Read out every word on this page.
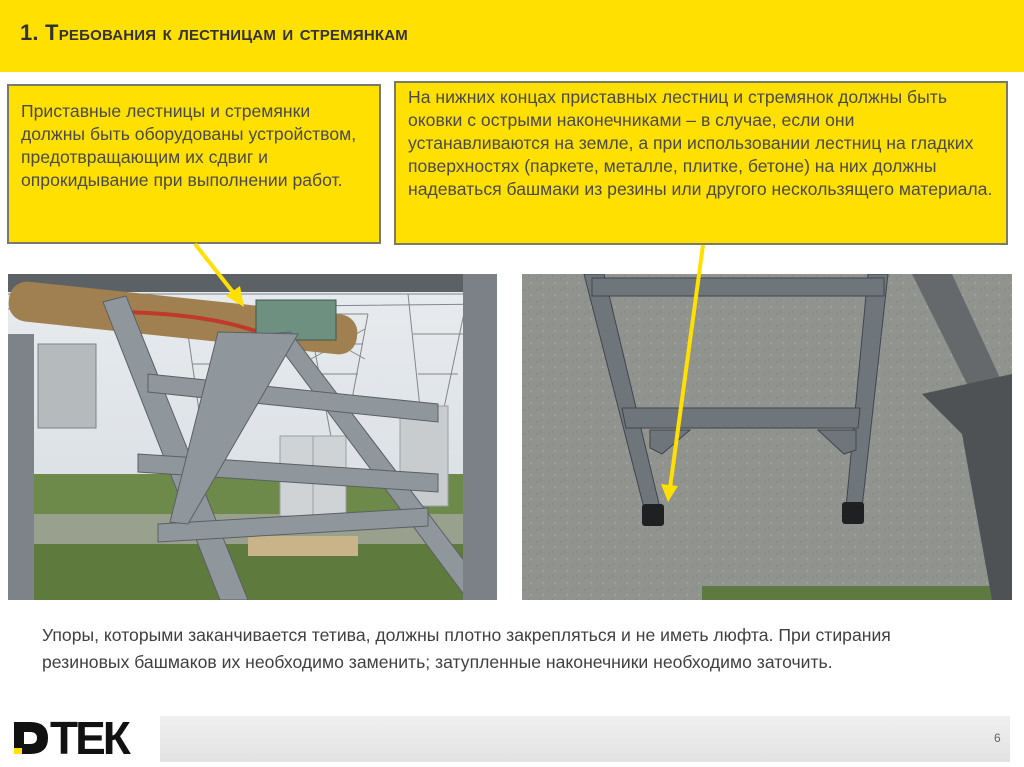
1. Требования к лестницам и стремянкам
Приставные лестницы и стремянки должны быть оборудованы устройством, предотвращающим их сдвиг и опрокидывание при выполнении работ.
На нижних концах приставных лестниц и стремянок должны быть оковки с острыми наконечниками – в случае, если они устанавливаются на земле, а при использовании лестниц на гладких поверхностях (паркете, металле, плитке, бетоне) на них должны надеваться башмаки из резины или другого нескользящего материала.
Упоры, которыми заканчивается тетива, должны плотно закрепляться и не иметь люфта. При стирания резиновых башмаков их необходимо заменить; затупленные наконечники необходимо заточить.
6
ТЕК
